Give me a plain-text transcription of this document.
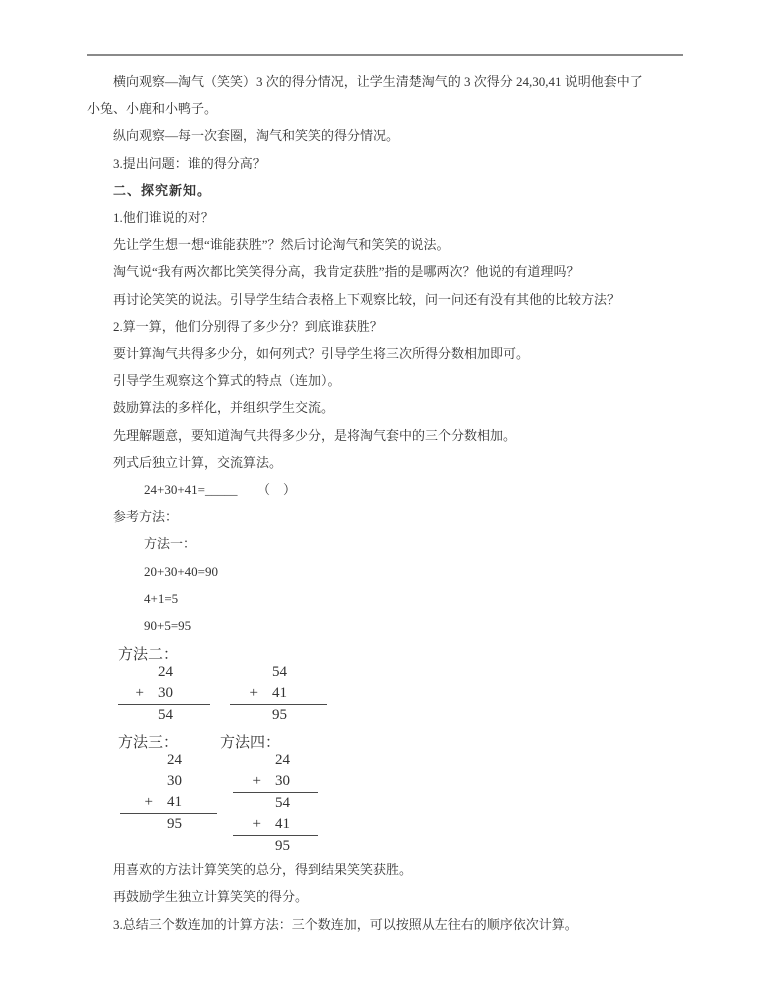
横向观察—淘气（笑笑）3 次的得分情况，让学生清楚淘气的 3 次得分 24,30,41 说明他套中了

小兔、小鹿和小鸭子。

纵向观察—每一次套圈，淘气和笑笑的得分情况。

3.提出问题：谁的得分高？

二、探究新知。

1.他们谁说的对？

先让学生想一想“谁能获胜”？然后讨论淘气和笑笑的说法。

淘气说“我有两次都比笑笑得分高，我肯定获胜”指的是哪两次？他说的有道理吗？

再讨论笑笑的说法。引导学生结合表格上下观察比较，问一问还有没有其他的比较方法？

2.算一算，他们分别得了多少分？到底谁获胜？

要计算淘气共得多少分，如何列式？引导学生将三次所得分数相加即可。

引导学生观察这个算式的特点（连加）。

鼓励算法的多样化，并组织学生交流。

先理解题意，要知道淘气共得多少分，是将淘气套中的三个分数相加。

列式后独立计算，交流算法。

24+30+41=_____　　（　）

参考方法：

方法一：

20+30+40=90

4+1=5

90+5=95

方法二：
24
+ 30
54
54
+ 41
95
方法三：	方法四：
24
30
+ 41
95
24
+ 30
54
+ 41
95

用喜欢的方法计算笑笑的总分，得到结果笑笑获胜。

再鼓励学生独立计算笑笑的得分。

3.总结三个数连加的计算方法：三个数连加，可以按照从左往右的顺序依次计算。
